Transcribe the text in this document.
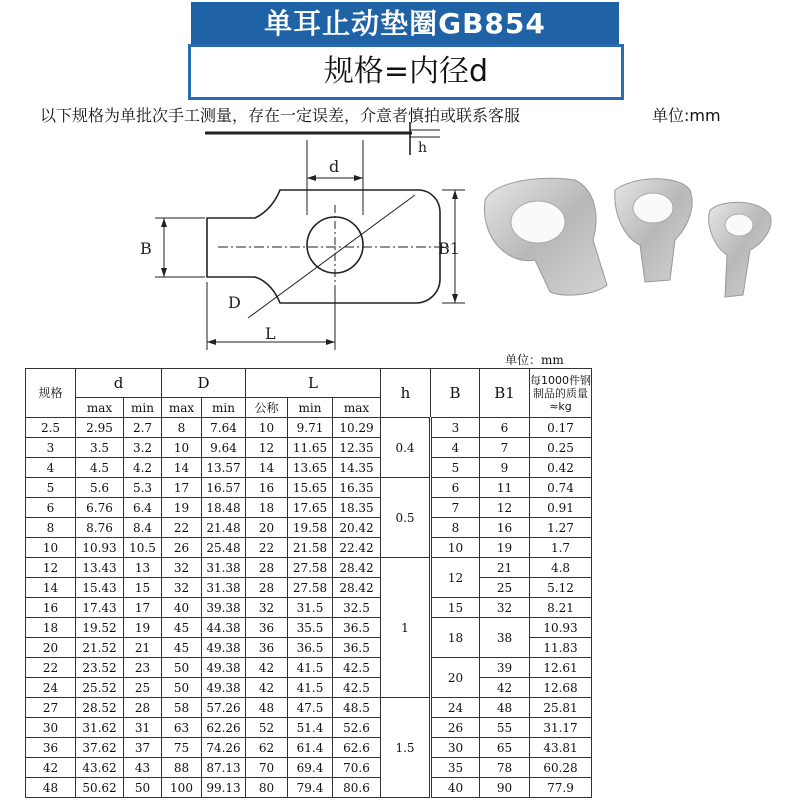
单耳止动垫圈GB854
规格=内径d
以下规格为单批次手工测量，存在一定误差，介意者慎拍或联系客服	单位:mm
d
h
B	B1
D
L
单位：mm
规格	d		D		L			h	B	B1	每1000件钢制品的质量≈kg
	max	min	max	min	公称	min	max				
2.5	2.95	2.7	8	7.64	10	9.71	10.29	0.4	3	6	0.17
3	3.5	3.2	10	9.64	12	11.65	12.35		4	7	0.25
4	4.5	4.2	14	13.57	14	13.65	14.35		5	9	0.42
5	5.6	5.3	17	16.57	16	15.65	16.35	0.5	6	11	0.74
6	6.76	6.4	19	18.48	18	17.65	18.35		7	12	0.91
8	8.76	8.4	22	21.48	20	19.58	20.42		8	16	1.27
10	10.93	10.5	26	25.48	22	21.58	22.42		10	19	1.7
12	13.43	13	32	31.38	28	27.58	28.42	1	12	21	4.8
14	15.43	15	32	31.38	28	27.58	28.42			25	5.12
16	17.43	17	40	39.38	32	31.5	32.5		15	32	8.21
18	19.52	19	45	44.38	36	35.5	36.5		18	38	10.93
20	21.52	21	45	49.38	36	36.5	36.5				11.83
22	23.52	23	50	49.38	42	41.5	42.5		20	39	12.61
24	25.52	25	50	49.38	42	41.5	42.5			42	12.68
27	28.52	28	58	57.26	48	47.5	48.5	1.5	24	48	25.81
30	31.62	31	63	62.26	52	51.4	52.6		26	55	31.17
36	37.62	37	75	74.26	62	61.4	62.6		30	65	43.81
42	43.62	43	88	87.13	70	69.4	70.6		35	78	60.28
48	50.62	50	100	99.13	80	79.4	80.6		40	90	77.9
